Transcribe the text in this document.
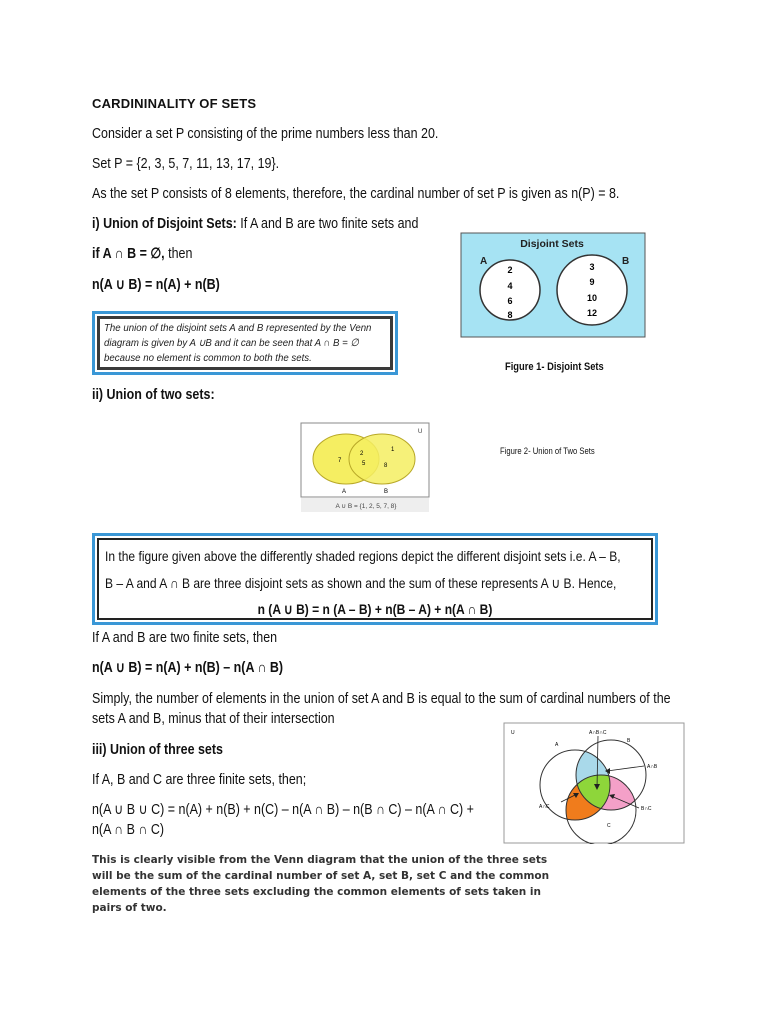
CARDININALITY OF SETS
Consider a set P consisting of the prime numbers less than 20.
Set P = {2, 3, 5, 7, 11, 13, 17, 19}.
As the set P consists of 8 elements, therefore, the cardinal number of set P is given as n(P) = 8.
i) Union of Disjoint Sets: If A and B are two finite sets and
if A ∩ B = ∅, then
n(A ∪ B) = n(A) + n(B)
The union of the disjoint sets A and B represented by the Venn
diagram is given by A ∪B and it can be seen that A ∩ B = ∅
because no element is common to both the sets.
Disjoint Sets
A	B
2
4
6
8
3
9
10
12
Figure 1- Disjoint Sets
ii) Union of two sets:
U
7
2
5
1
8
A	B
A ∪ B = {1, 2, 5, 7, 8}
Figure 2- Union of Two Sets
In the figure given above the differently shaded regions depict the different disjoint sets i.e. A – B,
B – A and A ∩ B are three disjoint sets as shown and the sum of these represents A ∪ B. Hence,
n (A ∪ B) = n (A – B) + n(B – A) + n(A ∩ B)
If A and B are two finite sets, then
n(A ∪ B) = n(A) + n(B) – n(A ∩ B)
Simply, the number of elements in the union of set A and B is equal to the sum of cardinal numbers of the
sets A and B, minus that of their intersection
iii) Union of three sets
If A, B and C are three finite sets, then;
n(A ∪ B ∪ C) = n(A) + n(B) + n(C) – n(A ∩ B) – n(B ∩ C) – n(A ∩ C) +
n(A ∩ B ∩ C)
This is clearly visible from the Venn diagram that the union of the three sets
will be the sum of the cardinal number of set A, set B, set C and the common
elements of the three sets excluding the common elements of sets taken in
pairs of two.
U
A
B
C
A∩B∩C
A∩B
A∩C	B∩C
